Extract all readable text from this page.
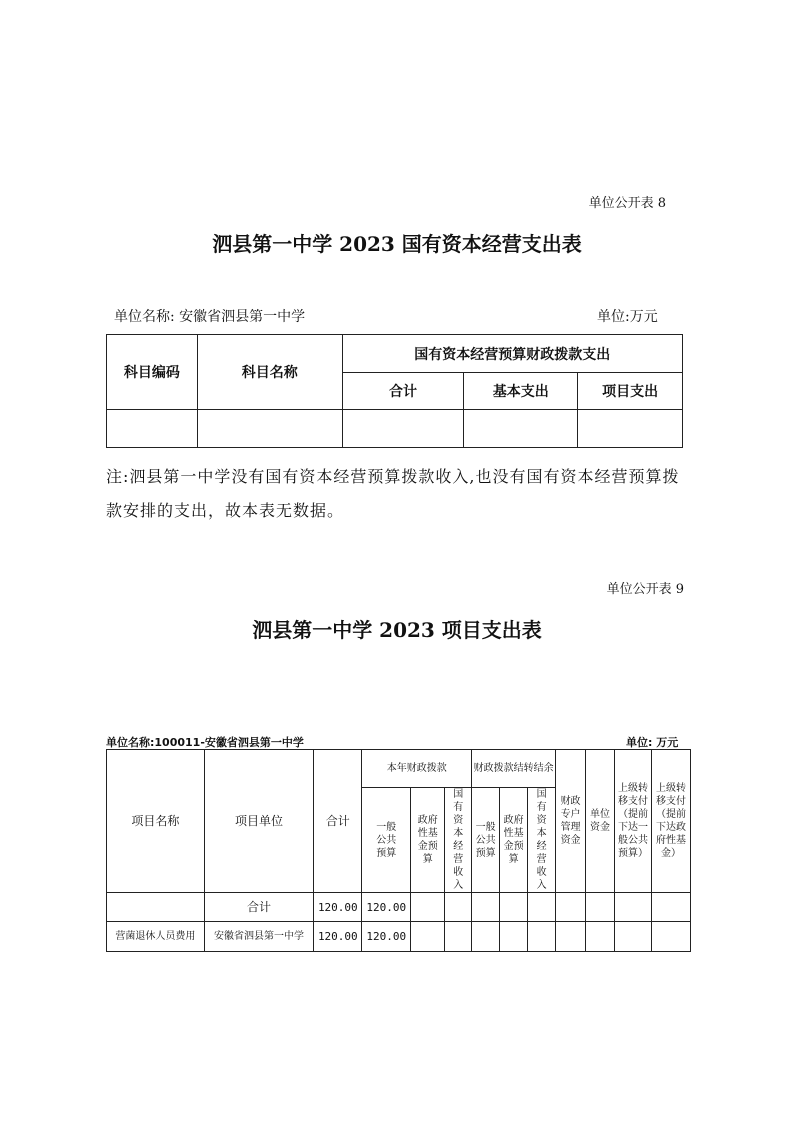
单位公开表 8
泗县第一中学 2023 国有资本经营支出表
单位名称: 安徽省泗县第一中学	单位:万元
科目编码	科目名称	国有资本经营预算财政拨款支出		
		合计	基本支出	项目支出

注:泗县第一中学没有国有资本经营预算拨款收入,也没有国有资本经营预算拨款安排的支出，故本表无数据。
单位公开表 9
泗县第一中学 2023 项目支出表
单位名称:100011-安徽省泗县第一中学	单位: 万元
项目名称	项目单位	合计	本年财政拨款			财政拨款结转结余			财政专户管理资金	单位资金	上级转移支付（提前下达一般公共预算）	上级转移支付（提前下达政府性基金）
			一般公共预算	政府性基金预算	国有资本经营收入	一般公共预算	政府性基金预算	国有资本经营收入				
	合计	120.00	120.00									
营菌退休人员费用	安徽省泗县第一中学	120.00	120.00									
